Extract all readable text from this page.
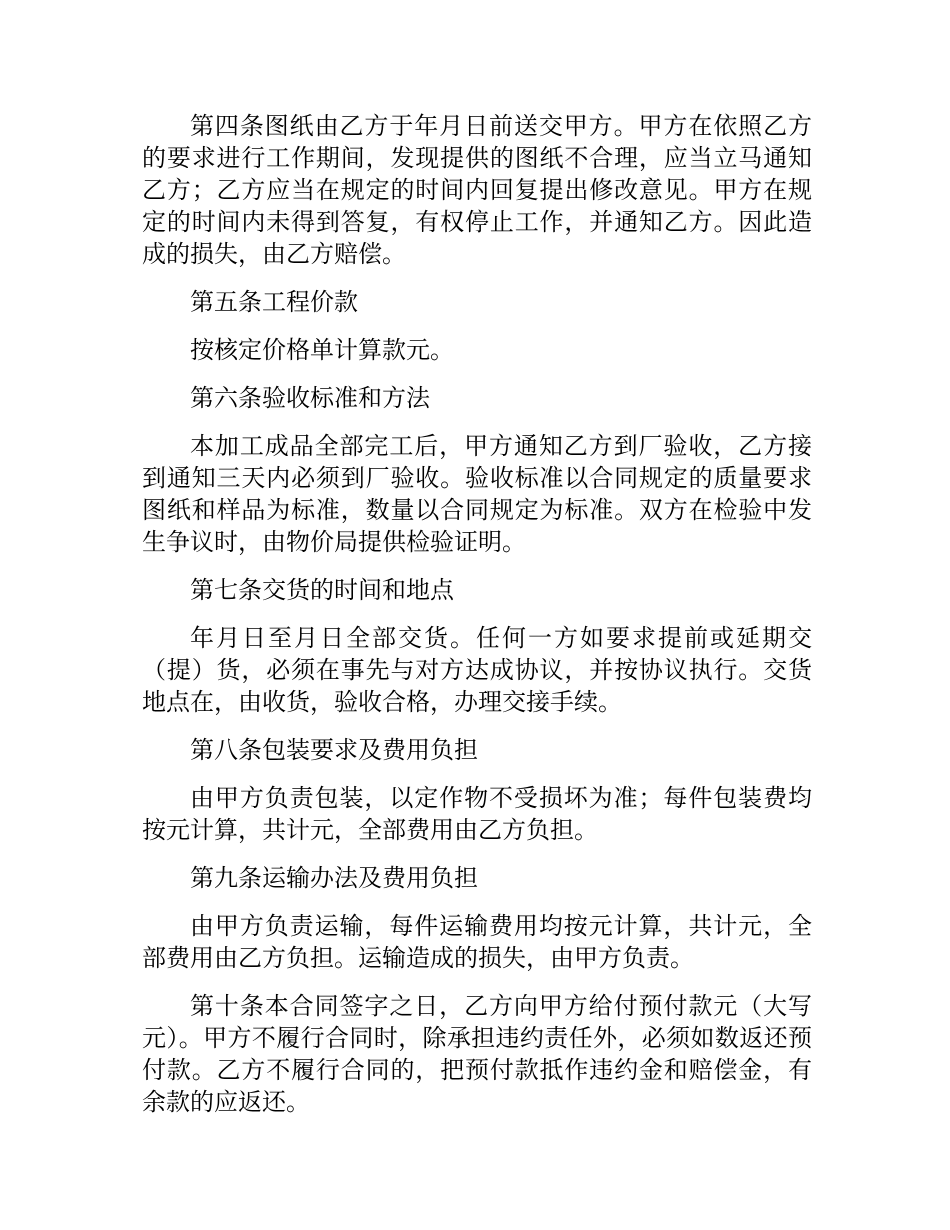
第四条图纸由乙方于年月日前送交甲方。甲方在依照乙方的要求进行工作期间，发现提供的图纸不合理，应当立马通知乙方；乙方应当在规定的时间内回复提出修改意见。甲方在规定的时间内未得到答复，有权停止工作，并通知乙方。因此造成的损失，由乙方赔偿。

第五条工程价款

按核定价格单计算款元。

第六条验收标准和方法

本加工成品全部完工后，甲方通知乙方到厂验收，乙方接到通知三天内必须到厂验收。验收标准以合同规定的质量要求图纸和样品为标准，数量以合同规定为标准。双方在检验中发生争议时，由物价局提供检验证明。

第七条交货的时间和地点

年月日至月日全部交货。任何一方如要求提前或延期交（提）货，必须在事先与对方达成协议，并按协议执行。交货地点在，由收货，验收合格，办理交接手续。

第八条包装要求及费用负担

由甲方负责包装，以定作物不受损坏为准；每件包装费均按元计算，共计元，全部费用由乙方负担。

第九条运输办法及费用负担

由甲方负责运输，每件运输费用均按元计算，共计元，全部费用由乙方负担。运输造成的损失，由甲方负责。

第十条本合同签字之日，乙方向甲方给付预付款元（大写元）。甲方不履行合同时，除承担违约责任外，必须如数返还预付款。乙方不履行合同的，把预付款抵作违约金和赔偿金，有余款的应返还。
